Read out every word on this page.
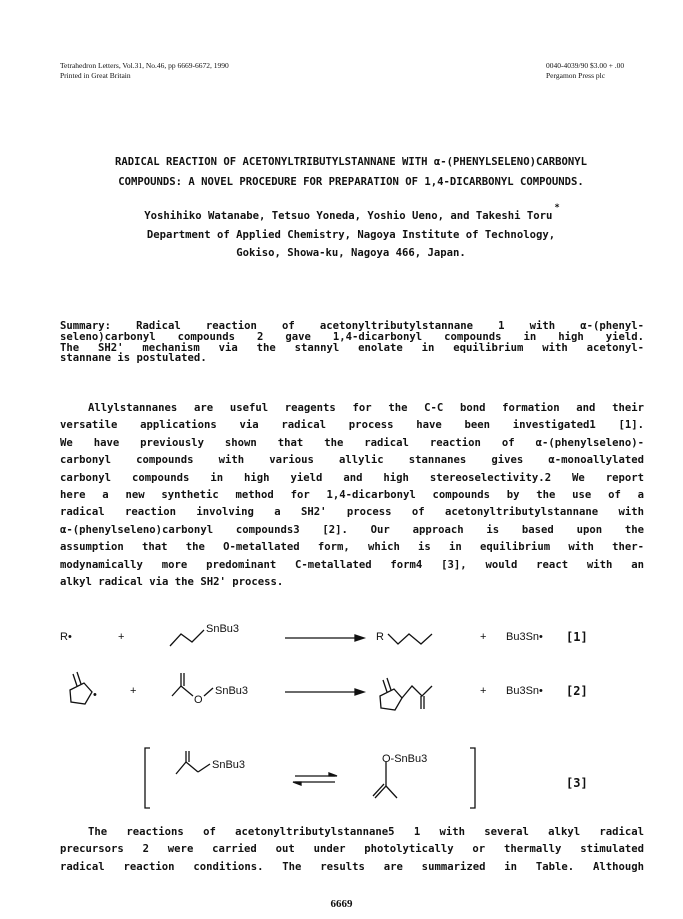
Tetrahedron Letters, Vol.31, No.46, pp 6669-6672, 1990
Printed in Great Britain
0040-4039/90 $3.00 + .00
Pergamon Press plc
RADICAL REACTION OF ACETONYLTRIBUTYLSTANNANE WITH α-(PHENYLSELENO)CARBONYL
COMPOUNDS: A NOVEL PROCEDURE FOR PREPARATION OF 1,4-DICARBONYL COMPOUNDS.
Yoshihiko Watanabe, Tetsuo Yoneda, Yoshio Ueno, and Takeshi Toru*
Department of Applied Chemistry, Nagoya Institute of Technology,
Gokiso, Showa-ku, Nagoya 466, Japan.
Summary: Radical reaction of acetonyltributylstannane 1 with α-(phenyl-
seleno)carbonyl compounds 2 gave 1,4-dicarbonyl compounds in high yield.
The SH2' mechanism via the stannyl enolate in equilibrium with acetonyl-
stannane is postulated.
Allylstannanes are useful reagents for the C-C bond formation and their
versatile applications via radical process have been investigated1 [1].
We have previously shown that the radical reaction of α-(phenylseleno)-
carbonyl compounds with various allylic stannanes gives α-monoallylated
carbonyl compounds in high yield and high stereoselectivity.2 We report
here a new synthetic method for 1,4-dicarbonyl compounds by the use of a
radical reaction involving a SH2' process of acetonyltributylstannane with
α-(phenylseleno)carbonyl compounds3 [2]. Our approach is based upon the
assumption that the O-metallated form, which is in equilibrium with ther-
modynamically more predominant C-metallated form4 [3], would react with an
alkyl radical via the SH2' process.
R•	+
SnBu3
R	+ Bu3Sn•
•	+
O
SnBu3	+ Bu3Sn•
SnBu3	O-SnBu3
[1]
[2]
[3]
The reactions of acetonyltributylstannane5 1 with several alkyl radical
precursors 2 were carried out under photolytically or thermally stimulated
radical reaction conditions. The results are summarized in Table. Although
6669
